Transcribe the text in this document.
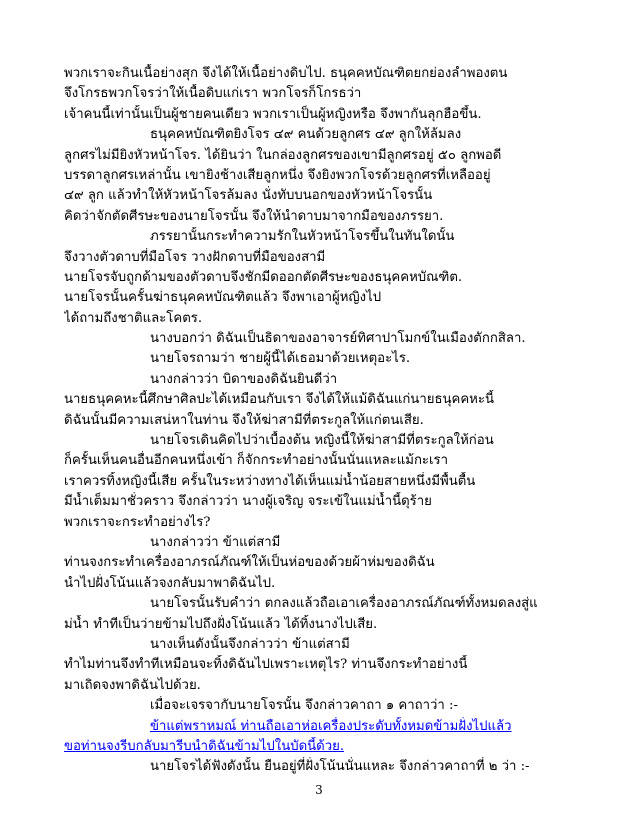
พวกเราจะกินเนื้อย่างสุก จึงได้ให้เนื้อย่างดิบไป. ธนุคคหบัณฑิตยกย่องลำพองตน
จึงโกรธพวกโจรว่าให้เนื้อดิบแก่เรา พวกโจรก็โกรธว่า
เจ้าคนนี้เท่านั้นเป็นผู้ชายคนเดียว พวกเราเป็นผู้หญิงหรือ จึงพากันลุกฮือขึ้น.
ธนุคคหบัณฑิตยิงโจร ๔๙ คนด้วยลูกศร ๔๙ ลูกให้ล้มลง
ลูกศรไม่มียิงหัวหน้าโจร. ได้ยินว่า ในกล่องลูกศรของเขามีลูกศรอยู่ ๕๐ ลูกพอดี
บรรดาลูกศรเหล่านั้น เขายิงช้างเสียลูกหนึ่ง จึงยิงพวกโจรด้วยลูกศรที่เหลืออยู่
๔๙ ลูก แล้วทำให้หัวหน้าโจรล้มลง นั่งทับบนอกของหัวหน้าโจรนั้น
คิดว่าจักตัดศีรษะของนายโจรนั้น จึงให้นำดาบมาจากมือของภรรยา.
ภรรยานั้นกระทำความรักในหัวหน้าโจรขึ้นในทันใดนั้น
จึงวางตัวดาบที่มือโจร วางฝักดาบที่มือของสามี
นายโจรจับถูกด้ามของตัวดาบจึงชักมีดออกตัดศีรษะของธนุคคหบัณฑิต.
นายโจรนั้นครั้นฆ่าธนุคคหบัณฑิตแล้ว จึงพาเอาผู้หญิงไป
ได้ถามถึงชาติและโคตร.
นางบอกว่า ดิฉันเป็นธิดาของอาจารย์ทิศาปาโมกข์ในเมืองตักกสิลา.
นายโจรถามว่า ชายผู้นี้ได้เธอมาด้วยเหตุอะไร.
นางกล่าวว่า บิดาของดิฉันยินดีว่า
นายธนุคคหะนี้ศึกษาศิลปะได้เหมือนกับเรา จึงได้ให้แม้ดิฉันแก่นายธนุคคหะนี้
ดิฉันนั้นมีความเสน่หาในท่าน จึงให้ฆ่าสามีที่ตระกูลให้แก่ตนเสีย.
นายโจรเดินคิดไปว่าเบื้องต้น หญิงนี้ให้ฆ่าสามีที่ตระกูลให้ก่อน
ก็ครั้นเห็นคนอื่นอีกคนหนึ่งเข้า ก็จักกระทำอย่างนั้นนั่นแหละแม้กะเรา
เราควรทิ้งหญิงนี้เสีย ครั้นในระหว่างทางได้เห็นแม่น้ำน้อยสายหนึ่งมีพื้นตื้น
มีน้ำเต็มมาชั่วคราว จึงกล่าวว่า นางผู้เจริญ จระเข้ในแม่น้ำนี้ดุร้าย
พวกเราจะกระทำอย่างไร?
นางกล่าวว่า ข้าแต่สามี
ท่านจงกระทำเครื่องอาภรณ์ภัณฑ์ให้เป็นห่อของด้วยผ้าห่มของดิฉัน
นำไปฝั่งโน้นแล้วจงกลับมาพาดิฉันไป.
นายโจรนั้นรับคำว่า ตกลงแล้วถือเอาเครื่องอาภรณ์ภัณฑ์ทั้งหมดลงสู่แ
ม่น้ำ ทำทีเป็นว่ายข้ามไปถึงฝั่งโน้นแล้ว ได้ทิ้งนางไปเสีย.
นางเห็นดังนั้นจึงกล่าวว่า ข้าแต่สามี
ทำไมท่านจึงทำทีเหมือนจะทิ้งดิฉันไปเพราะเหตุไร? ท่านจึงกระทำอย่างนี้
มาเถิดจงพาดิฉันไปด้วย.
เมื่อจะเจรจากับนายโจรนั้น จึงกล่าวคาถา ๑ คาถาว่า :-
ข้าแต่พราหมณ์ ท่านถือเอาห่อเครื่องประดับทั้งหมดข้ามฝั่งไปแล้ว
ขอท่านจงรีบกลับมารีบนำดิฉันข้ามไปในบัดนี้ด้วย.
นายโจรได้ฟังดังนั้น ยืนอยู่ที่ฝั่งโน้นนั่นแหละ จึงกล่าวคาถาที่ ๒ ว่า :-
3
